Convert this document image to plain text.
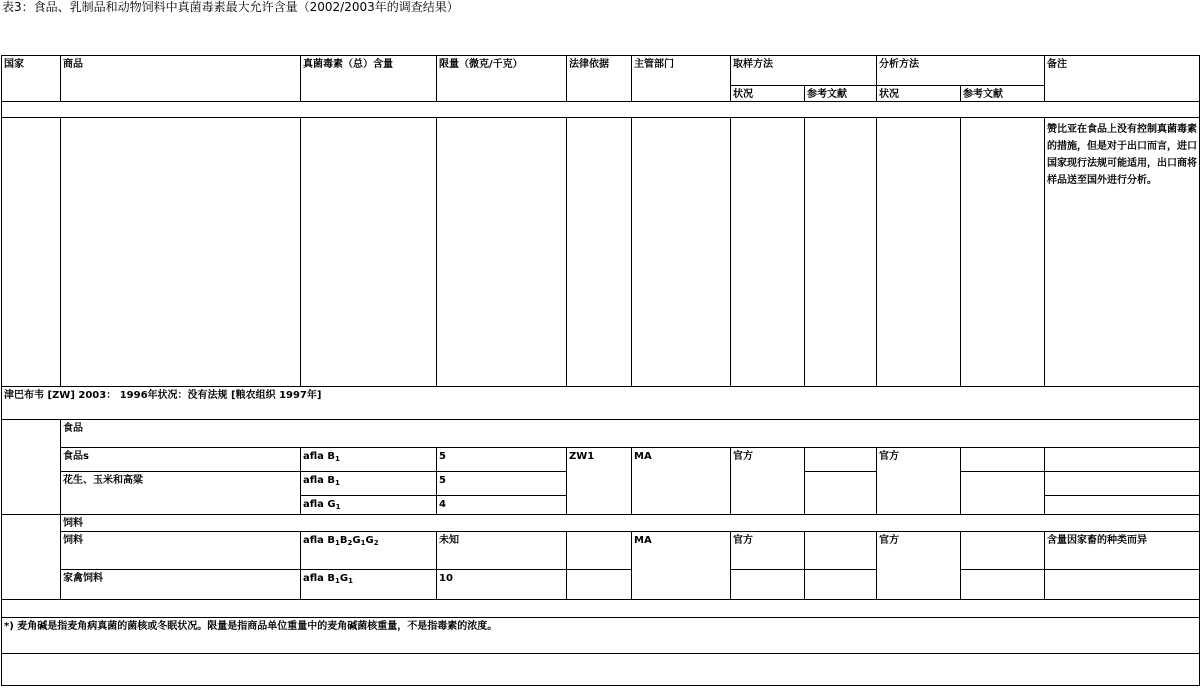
表3：食品、乳制品和动物饲料中真菌毒素最大允许含量（2002/2003年的调查结果）
国家	商品	真菌毒素（总）含量	限量（微克/千克）	法律依据	主管部门	取样方法		分析方法		备注
						状况	参考文献	状况	参考文献	

										赞比亚在食品上没有控制真菌毒素的措施，但是对于出口而言，进口国家现行法规可能适用，出口商将样品送至国外进行分析。
津巴布韦 [ZW] 2003： 1996年状况：没有法规 [粮农组织 1997年]										
	食品									
	食品s	afla $B_1$	5	ZW1	MA	官方		官方		
	花生、玉米和高粱	afla $B_1$	5							
		afla $G_1$	4							
	饲料									
	饲料	afla $B_1B_2G_1G_2$	未知		MA	官方		官方		含量因家畜的种类而异
	家禽饲料	afla $B_1G_1$	10							

*) 麦角碱是指麦角病真菌的菌核或冬眠状况。限量是指商品单位重量中的麦角碱菌核重量，不是指毒素的浓度。										
